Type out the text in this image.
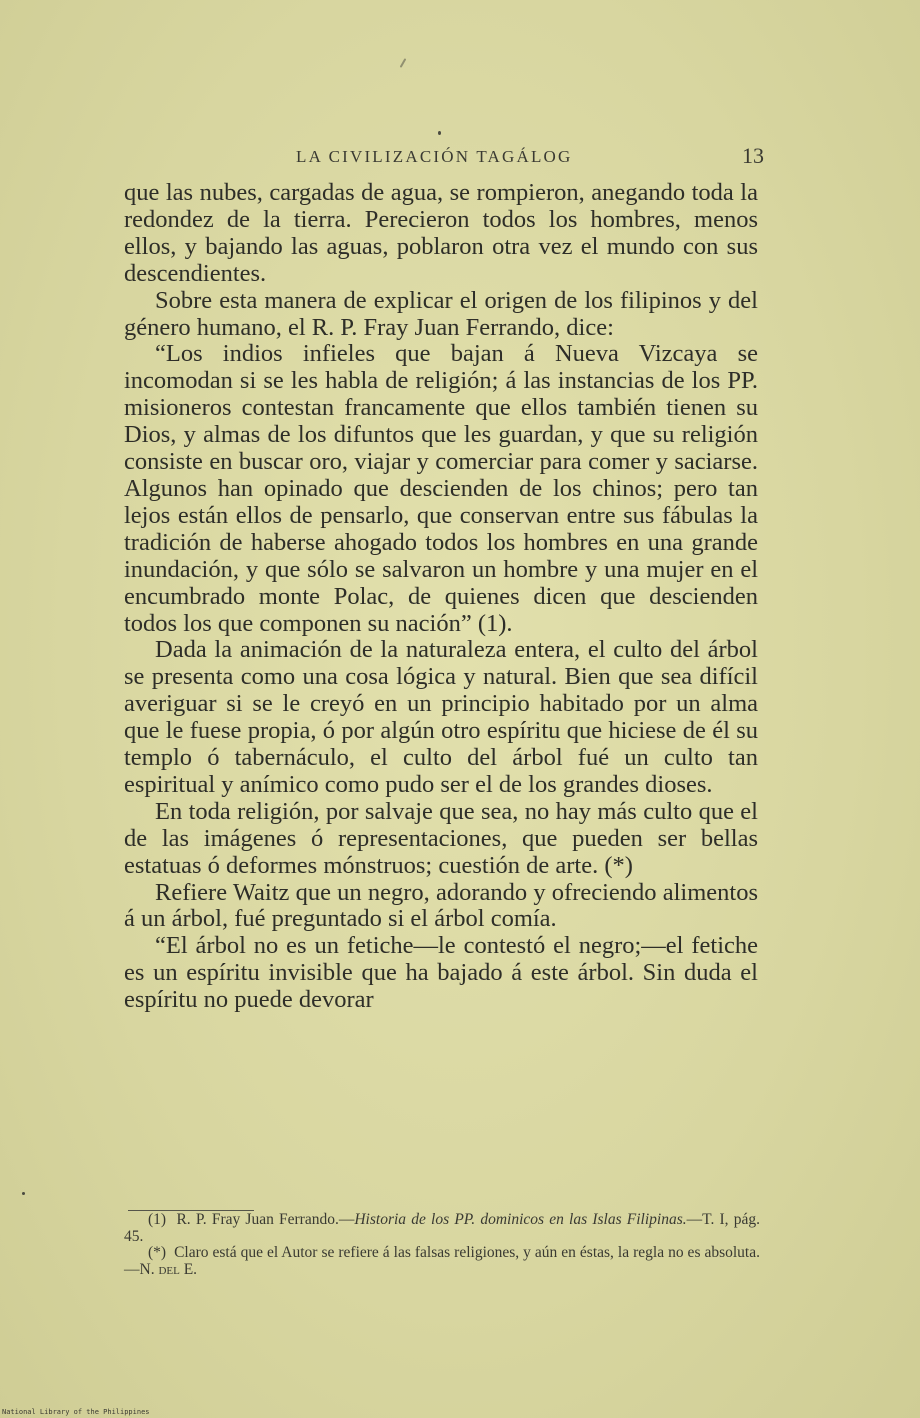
LA CIVILIZACIÓN TAGÁLOG	13

que las nubes, cargadas de agua, se rompieron, anegando toda la redondez de la tierra. Perecieron todos los hombres, menos ellos, y bajando las aguas, poblaron otra vez el mundo con sus descendientes.

Sobre esta manera de explicar el origen de los filipinos y del género humano, el R. P. Fray Juan Ferrando, dice:

“Los indios infieles que bajan á Nueva Vizcaya se incomodan si se les habla de religión; á las instancias de los PP. misioneros contestan francamente que ellos también tienen su Dios, y almas de los difuntos que les guardan, y que su religión consiste en buscar oro, viajar y comerciar para comer y saciarse. Algunos han opinado que descienden de los chinos; pero tan lejos están ellos de pensarlo, que conservan entre sus fábulas la tradición de haberse ahogado todos los hombres en una grande inundación, y que sólo se salvaron un hombre y una mujer en el encumbrado monte Polac, de quienes dicen que descienden todos los que componen su nación” (1).

Dada la animación de la naturaleza entera, el culto del árbol se presenta como una cosa lógica y natural. Bien que sea difícil averiguar si se le creyó en un principio habitado por un alma que le fuese propia, ó por algún otro espíritu que hiciese de él su templo ó tabernáculo, el culto del árbol fué un culto tan espiritual y anímico como pudo ser el de los grandes dioses.

En toda religión, por salvaje que sea, no hay más culto que el de las imágenes ó representaciones, que pueden ser bellas estatuas ó deformes mónstruos; cuestión de arte. (*)

Refiere Waitz que un negro, adorando y ofreciendo alimentos á un árbol, fué preguntado si el árbol comía.

“El árbol no es un fetiche—le contestó el negro;—el fetiche es un espíritu invisible que ha bajado á este árbol. Sin duda el espíritu no puede devorar

(1) R. P. Fray Juan Ferrando.—Historia de los PP. dominicos en las Islas Filipinas.—T. I, pág. 45.

(*) Claro está que el Autor se refiere á las falsas religiones, y aún en éstas, la regla no es absoluta.—N. del E.

National Library of the Philippines
